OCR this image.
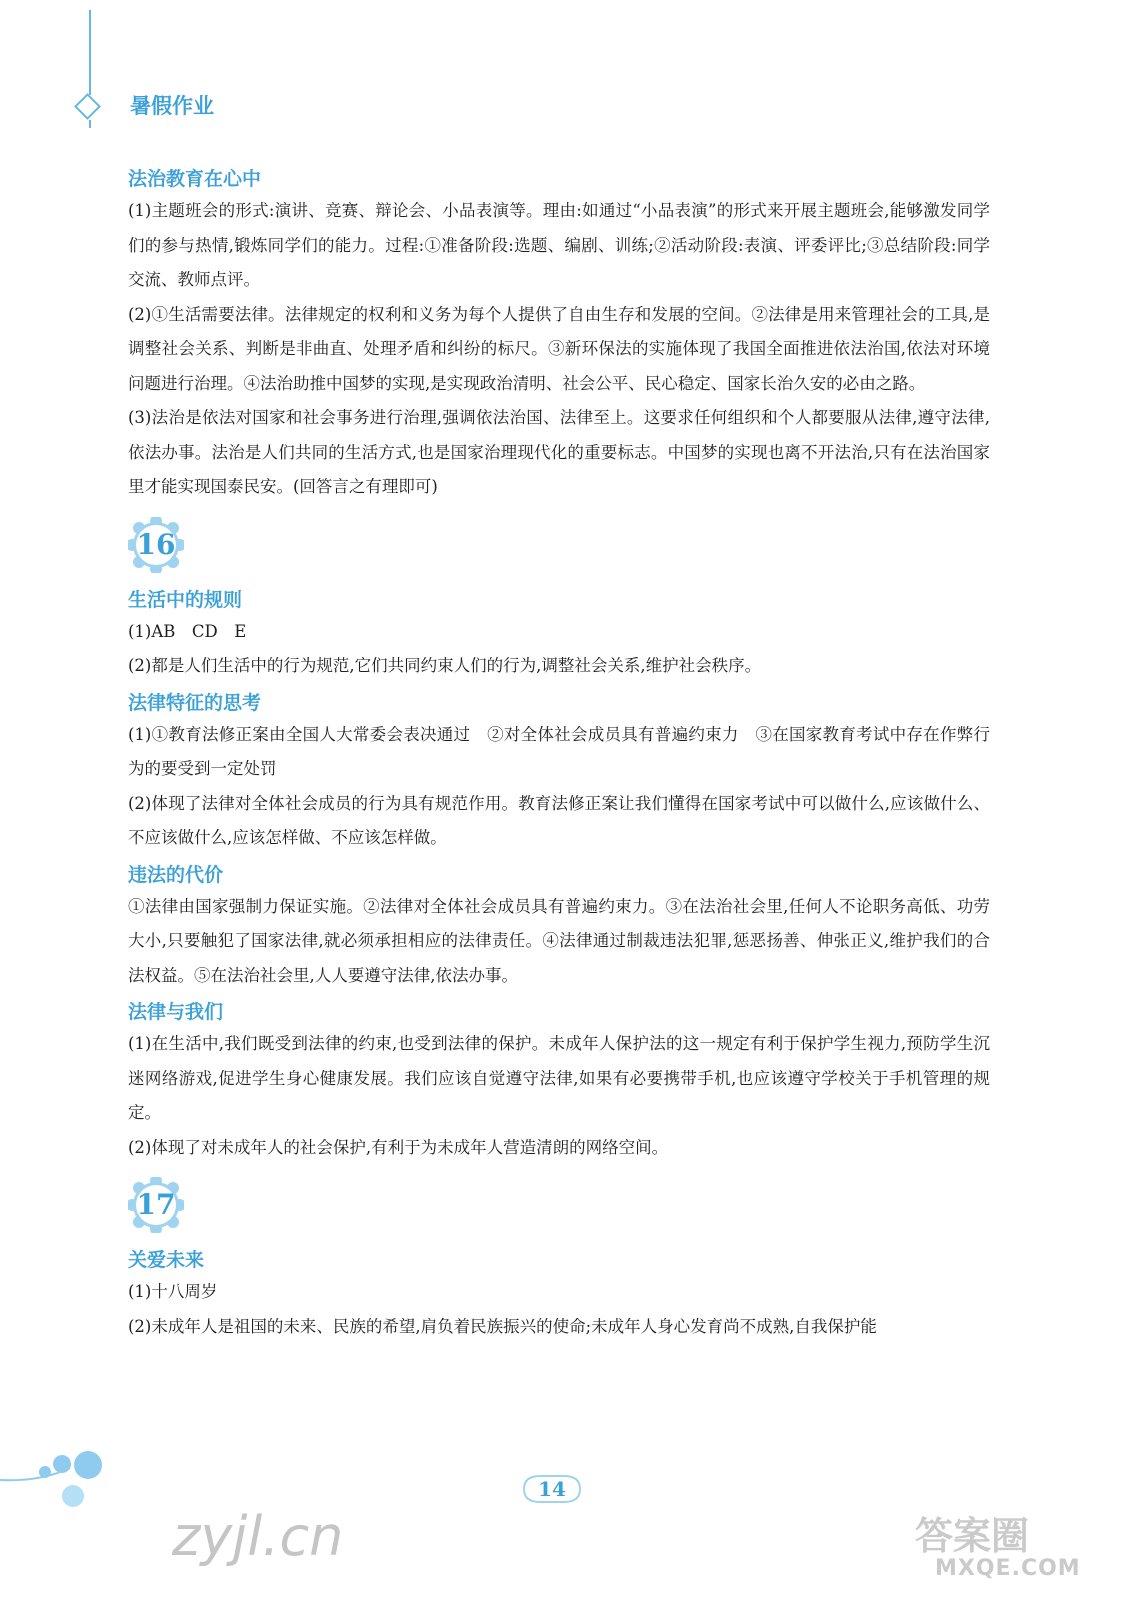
暑假作业
法治教育在心中
(1)主题班会的形式:演讲、竞赛、辩论会、小品表演等。理由:如通过“小品表演”的形式来开展主题班会,能够激发同学们的参与热情,锻炼同学们的能力。过程:①准备阶段:选题、编剧、训练;②活动阶段:表演、评委评比;③总结阶段:同学交流、教师点评。
(2)①生活需要法律。法律规定的权利和义务为每个人提供了自由生存和发展的空间。②法律是用来管理社会的工具,是调整社会关系、判断是非曲直、处理矛盾和纠纷的标尺。③新环保法的实施体现了我国全面推进依法治国,依法对环境问题进行治理。④法治助推中国梦的实现,是实现政治清明、社会公平、民心稳定、国家长治久安的必由之路。
(3)法治是依法对国家和社会事务进行治理,强调依法治国、法律至上。这要求任何组织和个人都要服从法律,遵守法律,依法办事。法治是人们共同的生活方式,也是国家治理现代化的重要标志。中国梦的实现也离不开法治,只有在法治国家里才能实现国泰民安。(回答言之有理即可)
16
生活中的规则
(1)AB　CD　E
(2)都是人们生活中的行为规范,它们共同约束人们的行为,调整社会关系,维护社会秩序。
法律特征的思考
(1)①教育法修正案由全国人大常委会表决通过　②对全体社会成员具有普遍约束力　③在国家教育考试中存在作弊行为的要受到一定处罚
(2)体现了法律对全体社会成员的行为具有规范作用。教育法修正案让我们懂得在国家考试中可以做什么,应该做什么、不应该做什么,应该怎样做、不应该怎样做。
违法的代价
①法律由国家强制力保证实施。②法律对全体社会成员具有普遍约束力。③在法治社会里,任何人不论职务高低、功劳大小,只要触犯了国家法律,就必须承担相应的法律责任。④法律通过制裁违法犯罪,惩恶扬善、伸张正义,维护我们的合法权益。⑤在法治社会里,人人要遵守法律,依法办事。
法律与我们
(1)在生活中,我们既受到法律的约束,也受到法律的保护。未成年人保护法的这一规定有利于保护学生视力,预防学生沉迷网络游戏,促进学生身心健康发展。我们应该自觉遵守法律,如果有必要携带手机,也应该遵守学校关于手机管理的规定。
(2)体现了对未成年人的社会保护,有利于为未成年人营造清朗的网络空间。
17
关爱未来
(1)十八周岁
(2)未成年人是祖国的未来、民族的希望,肩负着民族振兴的使命;未成年人身心发育尚不成熟,自我保护能
14
zyjl.cn	答案圈
MXQE.COM
